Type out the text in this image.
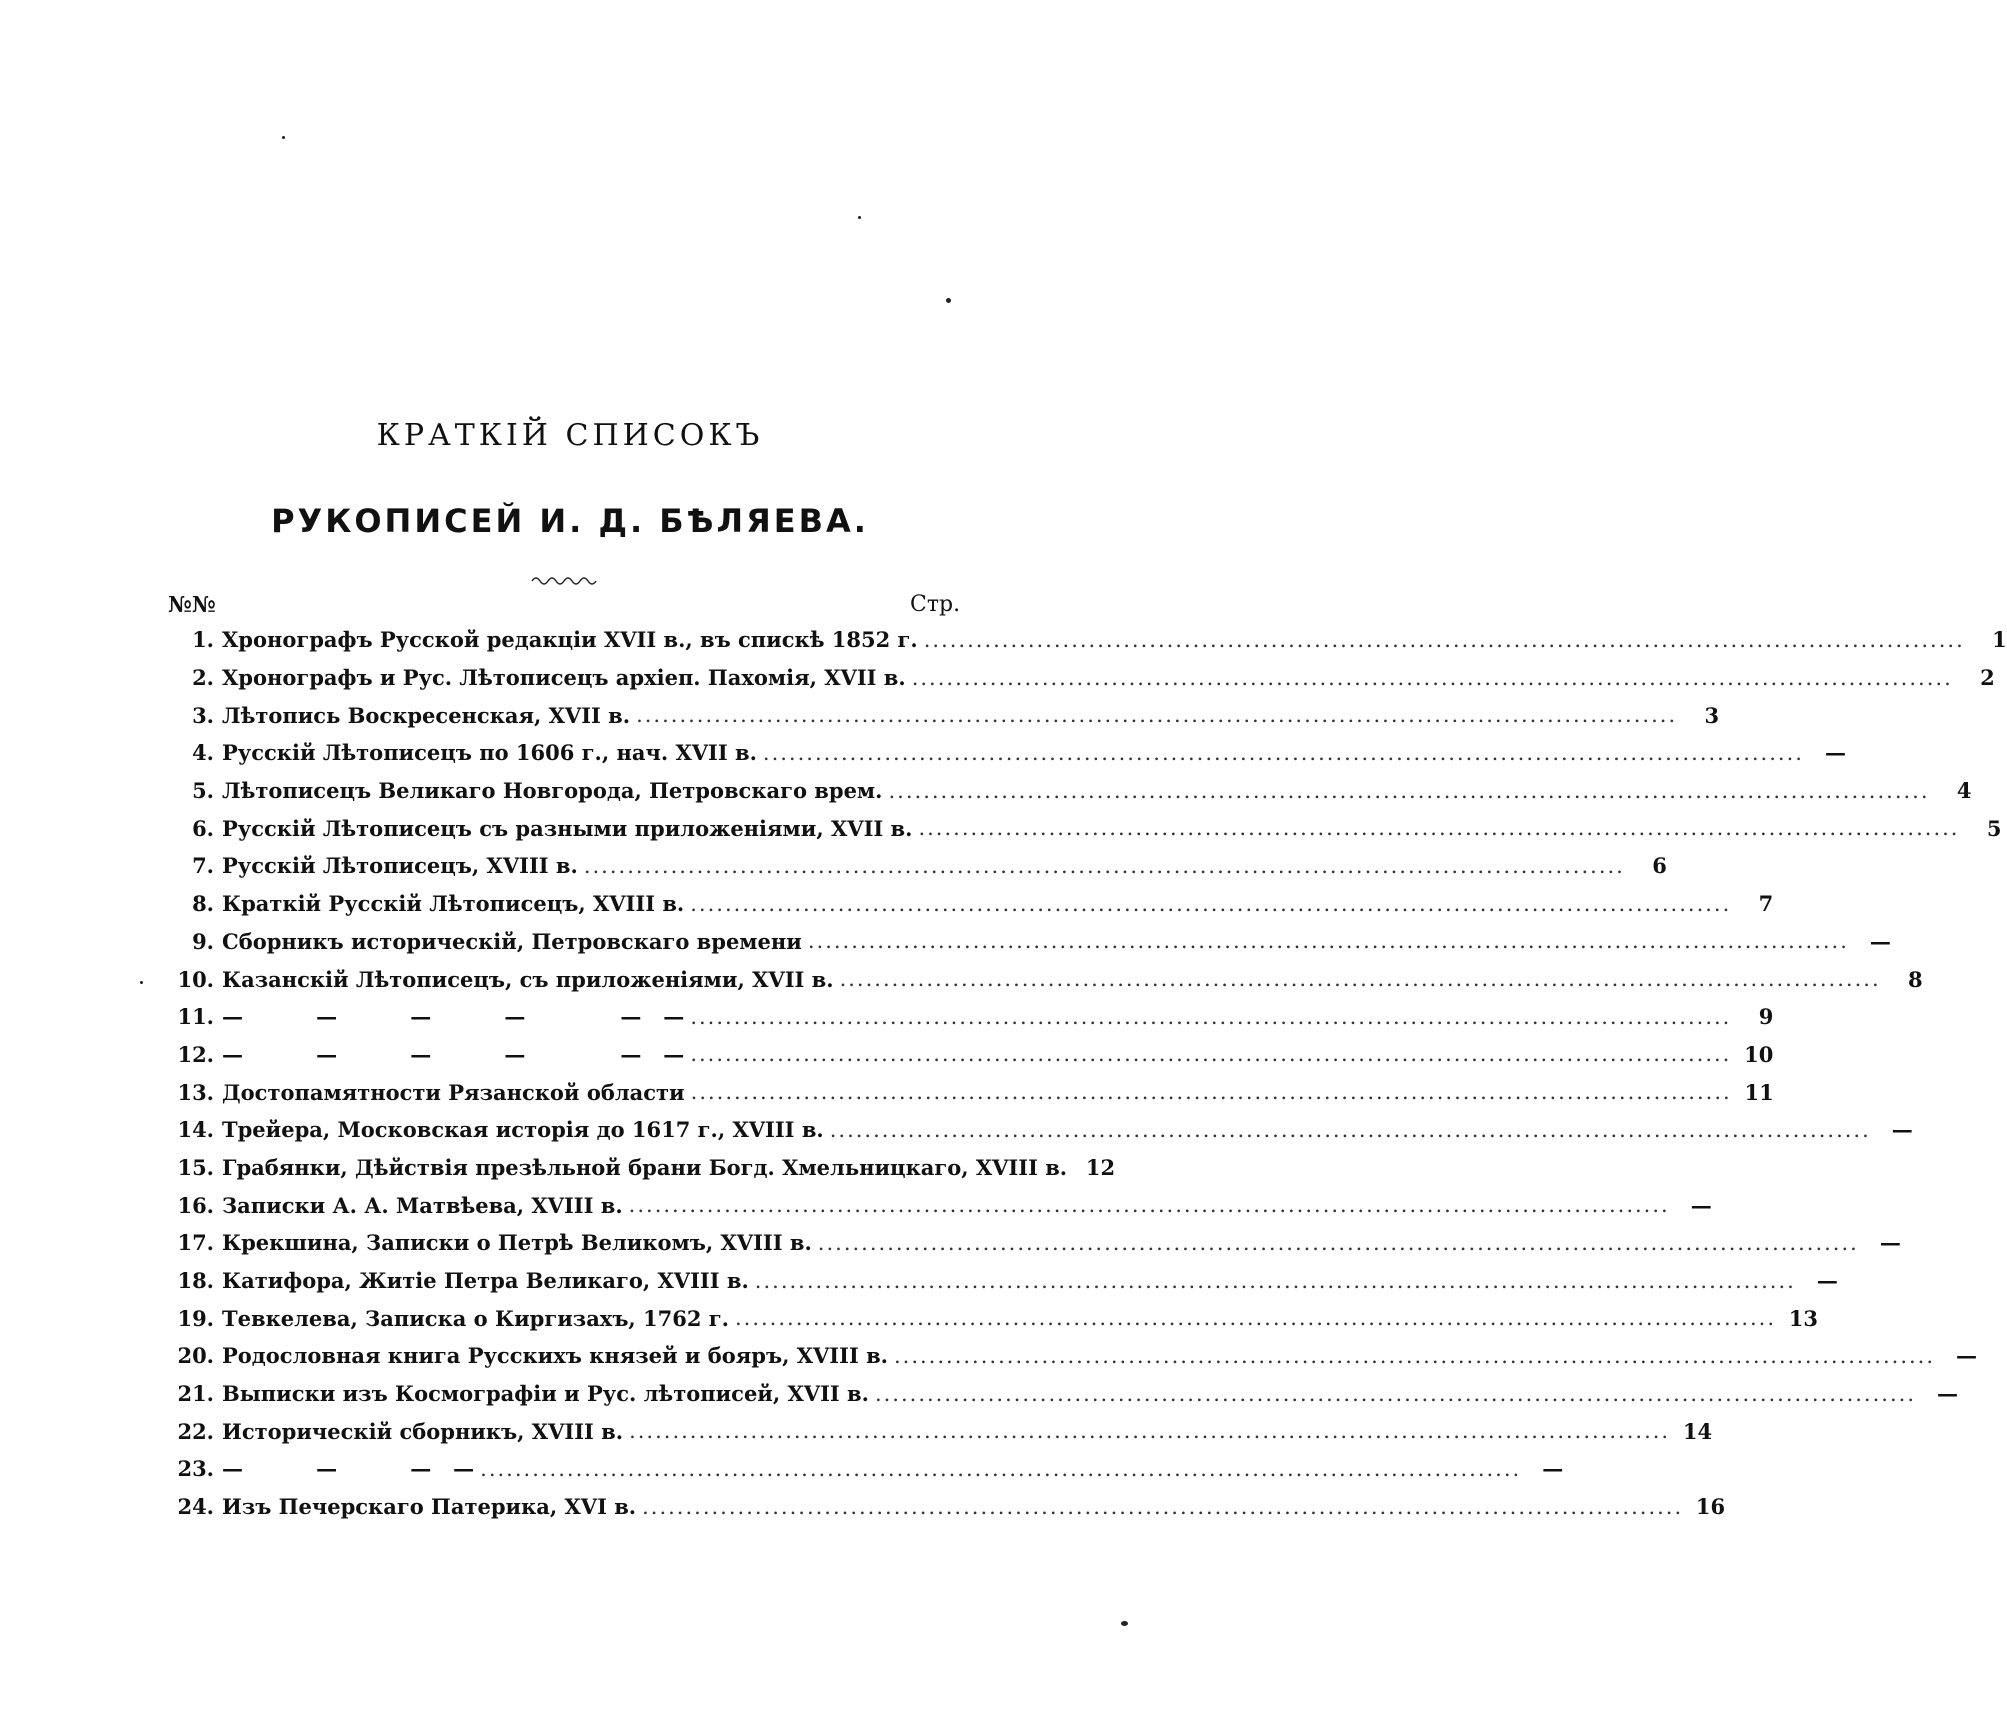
КРАТКІЙ СПИСОКЪ
РУКОПИСЕЙ И. Д. БѢЛЯЕВА.
№№	Стр.
1. Хронографъ Русской редакціи XVII в., въ спискѣ 1852 г. ........................................................................................................................	1
2. Хронографъ и Рус. Лѣтописецъ архіеп. Пахомія, XVII в. ........................................................................................................................	2
3. Лѣтопись Воскресенская, XVII в. ........................................................................................................................	3
4. Русскій Лѣтописецъ по 1606 г., нач. XVII в. ........................................................................................................................	—
5. Лѣтописецъ Великаго Новгорода, Петровскаго врем. ........................................................................................................................	4
6. Русскій Лѣтописецъ съ разными приложеніями, XVII в. ........................................................................................................................	5
7. Русскій Лѣтописецъ, XVIII в. ........................................................................................................................	6
8. Краткій Русскій Лѣтописецъ, XVIII в. ........................................................................................................................	7
9. Сборникъ историческій, Петровскаго времени ........................................................................................................................	—
10. Казанскій Лѣтописецъ, съ приложеніями, XVII в. ........................................................................................................................	8
11. —          —          —          —             —   — ........................................................................................................................	9
12. —          —          —          —             —   — ........................................................................................................................ 10
13. Достопамятности Рязанской области ........................................................................................................................ 11
14. Трейера, Московская исторія до 1617 г., XVIII в. ........................................................................................................................	—
15. Грабянки, Дѣйствія презѣльной брани Богд. Хмельницкаго, XVIII в. 12
16. Записки А. А. Матвѣева, XVIII в. ........................................................................................................................	—
17. Крекшина, Записки о Петрѣ Великомъ, XVIII в. ........................................................................................................................	—
18. Катифора, Житіе Петра Великаго, XVIII в. ........................................................................................................................	—
19. Тевкелева, Записка о Киргизахъ, 1762 г. ........................................................................................................................ 13
20. Родословная книга Русскихъ князей и бояръ, XVIII в. ........................................................................................................................	—
21. Выписки изъ Космографіи и Рус. лѣтописей, XVII в. ........................................................................................................................	—
22. Историческій сборникъ, XVIII в. ........................................................................................................................ 14
23. —          —          —   — ........................................................................................................................	—
24. Изъ Печерскаго Патерика, XVI в. ........................................................................................................................ 16
